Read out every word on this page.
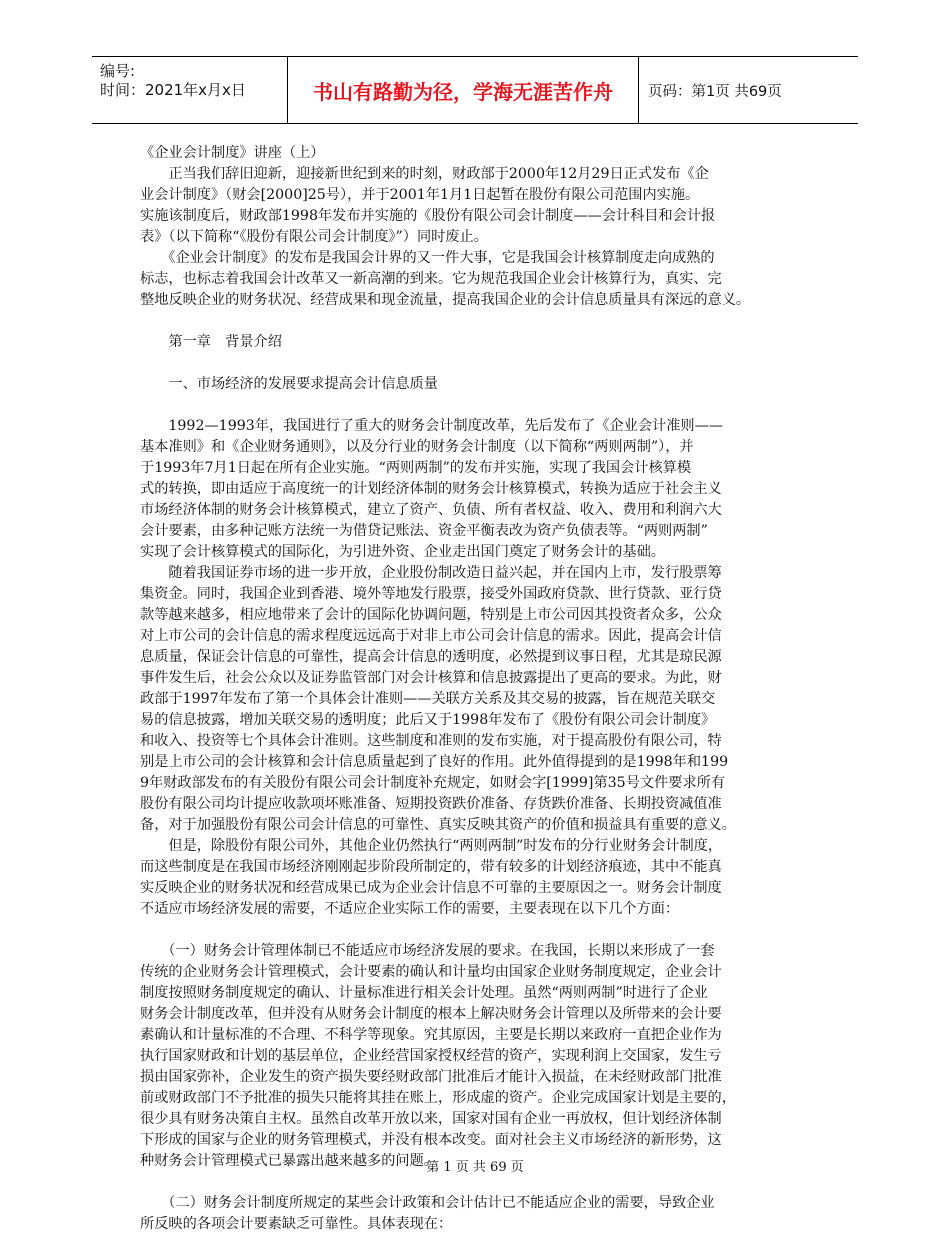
编号:
时间：2021年x月x日	书山有路勤为径，学海无涯苦作舟	页码：第1页 共69页

《企业会计制度》讲座（上）

　　正当我们辞旧迎新，迎接新世纪到来的时刻，财政部于2000年12月29日正式发布《企

业会计制度》（财会[2000]25号），并于2001年1月1日起暂在股份有限公司范围内实施。

实施该制度后，财政部1998年发布并实施的《股份有限公司会计制度——会计科目和会计报

表》（以下简称“《股份有限公司会计制度》”）同时废止。

　　《企业会计制度》的发布是我国会计界的又一件大事，它是我国会计核算制度走向成熟的

标志，也标志着我国会计改革又一新高潮的到来。它为规范我国企业会计核算行为，真实、完

整地反映企业的财务状况、经营成果和现金流量，提高我国企业的会计信息质量具有深远的意义。

　　第一章　背景介绍

　　一、市场经济的发展要求提高会计信息质量

　　1992—1993年，我国进行了重大的财务会计制度改革，先后发布了《企业会计准则——

基本准则》和《企业财务通则》，以及分行业的财务会计制度（以下简称“两则两制”），并

于1993年7月1日起在所有企业实施。“两则两制”的发布并实施，实现了我国会计核算模

式的转换，即由适应于高度统一的计划经济体制的财务会计核算模式，转换为适应于社会主义

市场经济体制的财务会计核算模式，建立了资产、负债、所有者权益、收入、费用和利润六大

会计要素，由多种记账方法统一为借贷记账法、资金平衡表改为资产负债表等。“两则两制”

实现了会计核算模式的国际化，为引进外资、企业走出国门奠定了财务会计的基础。

　　随着我国证券市场的进一步开放，企业股份制改造日益兴起，并在国内上市，发行股票筹

集资金。同时，我国企业到香港、境外等地发行股票，接受外国政府贷款、世行贷款、亚行贷

款等越来越多，相应地带来了会计的国际化协调问题，特别是上市公司因其投资者众多，公众

对上市公司的会计信息的需求程度远远高于对非上市公司会计信息的需求。因此，提高会计信

息质量，保证会计信息的可靠性，提高会计信息的透明度，必然提到议事日程，尤其是琼民源

事件发生后，社会公众以及证券监管部门对会计核算和信息披露提出了更高的要求。为此，财

政部于1997年发布了第一个具体会计准则——关联方关系及其交易的披露，旨在规范关联交

易的信息披露，增加关联交易的透明度；此后又于1998年发布了《股份有限公司会计制度》

和收入、投资等七个具体会计准则。这些制度和准则的发布实施，对于提高股份有限公司，特

别是上市公司的会计核算和会计信息质量起到了良好的作用。此外值得提到的是1998年和199

9年财政部发布的有关股份有限公司会计制度补充规定，如财会字[1999]第35号文件要求所有

股份有限公司均计提应收款项坏账准备、短期投资跌价准备、存货跌价准备、长期投资减值准

备，对于加强股份有限公司会计信息的可靠性、真实反映其资产的价值和损益具有重要的意义。

　　但是，除股份有限公司外，其他企业仍然执行“两则两制”时发布的分行业财务会计制度，

而这些制度是在我国市场经济刚刚起步阶段所制定的，带有较多的计划经济痕迹，其中不能真

实反映企业的财务状况和经营成果已成为企业会计信息不可靠的主要原因之一。财务会计制度

不适应市场经济发展的需要，不适应企业实际工作的需要，主要表现在以下几个方面：

　　（一）财务会计管理体制已不能适应市场经济发展的要求。在我国，长期以来形成了一套

传统的企业财务会计管理模式，会计要素的确认和计量均由国家企业财务制度规定，企业会计

制度按照财务制度规定的确认、计量标准进行相关会计处理。虽然“两则两制”时进行了企业

财务会计制度改革，但并没有从财务会计制度的根本上解决财务会计管理以及所带来的会计要

素确认和计量标准的不合理、不科学等现象。究其原因，主要是长期以来政府一直把企业作为

执行国家财政和计划的基层单位，企业经营国家授权经营的资产，实现利润上交国家，发生亏

损由国家弥补，企业发生的资产损失要经财政部门批准后才能计入损益，在未经财政部门批准

前或财政部门不予批准的损失只能将其挂在账上，形成虚的资产。企业完成国家计划是主要的，

很少具有财务决策自主权。虽然自改革开放以来，国家对国有企业一再放权，但计划经济体制

下形成的国家与企业的财务管理模式，并没有根本改变。面对社会主义市场经济的新形势，这

种财务会计管理模式已暴露出越来越多的问题。

　　（二）财务会计制度所规定的某些会计政策和会计估计已不能适应企业的需要，导致企业

所反映的各项会计要素缺乏可靠性。具体表现在：

第 1 页 共 69 页
